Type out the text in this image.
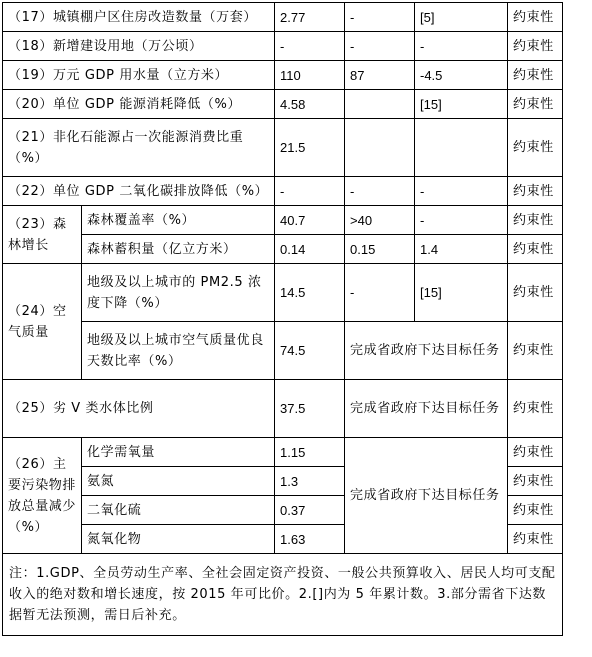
（17）城镇棚户区住房改造数量（万套）		2.77	-	[5]	约束性
（18）新增建设用地（万公顷）		-	-	-	约束性
（19）万元 GDP 用水量（立方米）		110	87	-4.5	约束性
（20）单位 GDP 能源消耗降低（%）		4.58		[15]	约束性
（21）非化石能源占一次能源消费比重（%）		21.5			约束性
（22）单位 GDP 二氧化碳排放降低（%）		-	-	-	约束性
（23）森林增长	森林覆盖率（%）	40.7	>40	-	约束性
	森林蓄积量（亿立方米）	0.14	0.15	1.4	约束性
（24）空气质量	地级及以上城市的 PM2.5 浓度下降（%）	14.5	-	[15]	约束性
	地级及以上城市空气质量优良天数比率（%）	74.5	完成省政府下达目标任务		约束性
（25）劣 V 类水体比例		37.5	完成省政府下达目标任务		约束性
（26）主要污染物排放总量减少（%）	化学需氧量	1.15	完成省政府下达目标任务		约束性
	氨氮	1.3			约束性
	二氧化硫	0.37			约束性
	氮氧化物	1.63			约束性
注：1.GDP、全员劳动生产率、全社会固定资产投资、一般公共预算收入、居民人均可支配收入的绝对数和增长速度，按 2015 年可比价。2.[]内为 5 年累计数。3.部分需省下达数据暂无法预测，需日后补充。					
